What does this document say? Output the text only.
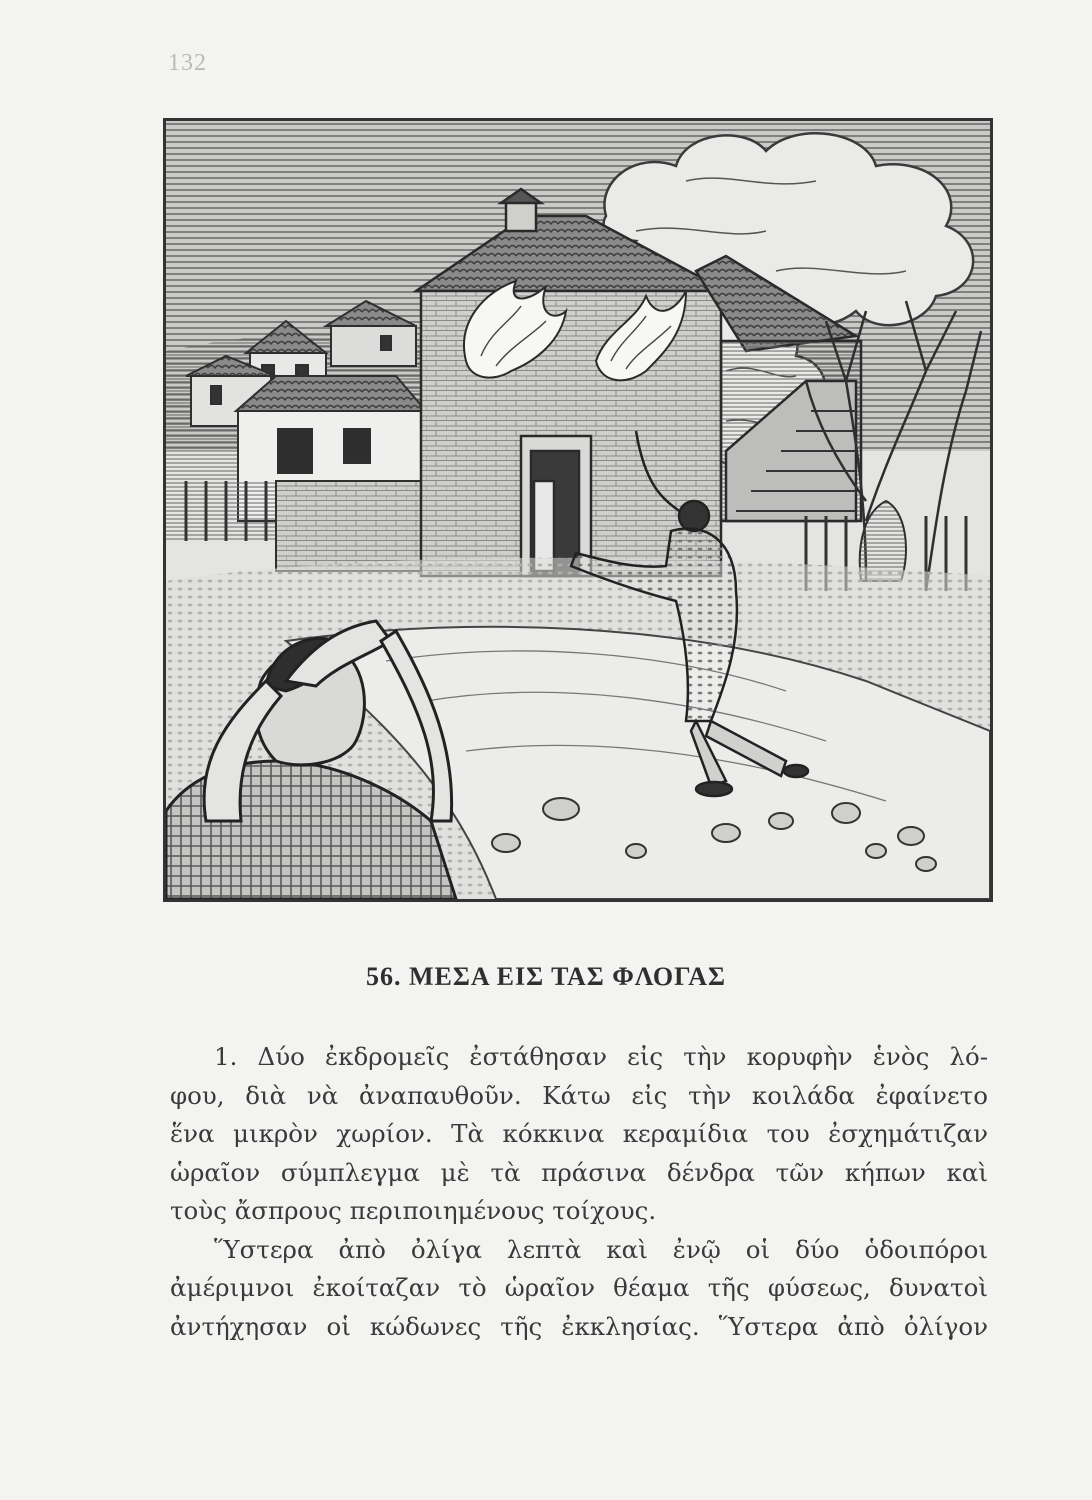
132
56. ΜΕΣΑ ΕΙΣ ΤΑΣ ΦΛΟΓΑΣ

1. Δύο ἐκδρομεῖς ἐστάθησαν εἰς τὴν κορυφὴν ἑνὸς λό-
φου, διὰ νὰ ἀναπαυθοῦν. Κάτω εἰς τὴν κοιλάδα ἐφαίνετο
ἕνα μικρὸν χωρίον. Τὰ κόκκινα κεραμίδια του ἐσχημάτιζαν
ὡραῖον σύμπλεγμα μὲ τὰ πράσινα δένδρα τῶν κήπων καὶ
τοὺς ἄσπρους περιποιημένους τοίχους.

Ὕστερα ἀπὸ ὀλίγα λεπτὰ καὶ ἐνῷ οἱ δύο ὁδοιπόροι
ἀμέριμνοι ἐκοίταζαν τὸ ὡραῖον θέαμα τῆς φύσεως, δυνατοὶ
ἀντήχησαν οἱ κώδωνες τῆς ἐκκλησίας. Ὕστερα ἀπὸ ὀλίγον
